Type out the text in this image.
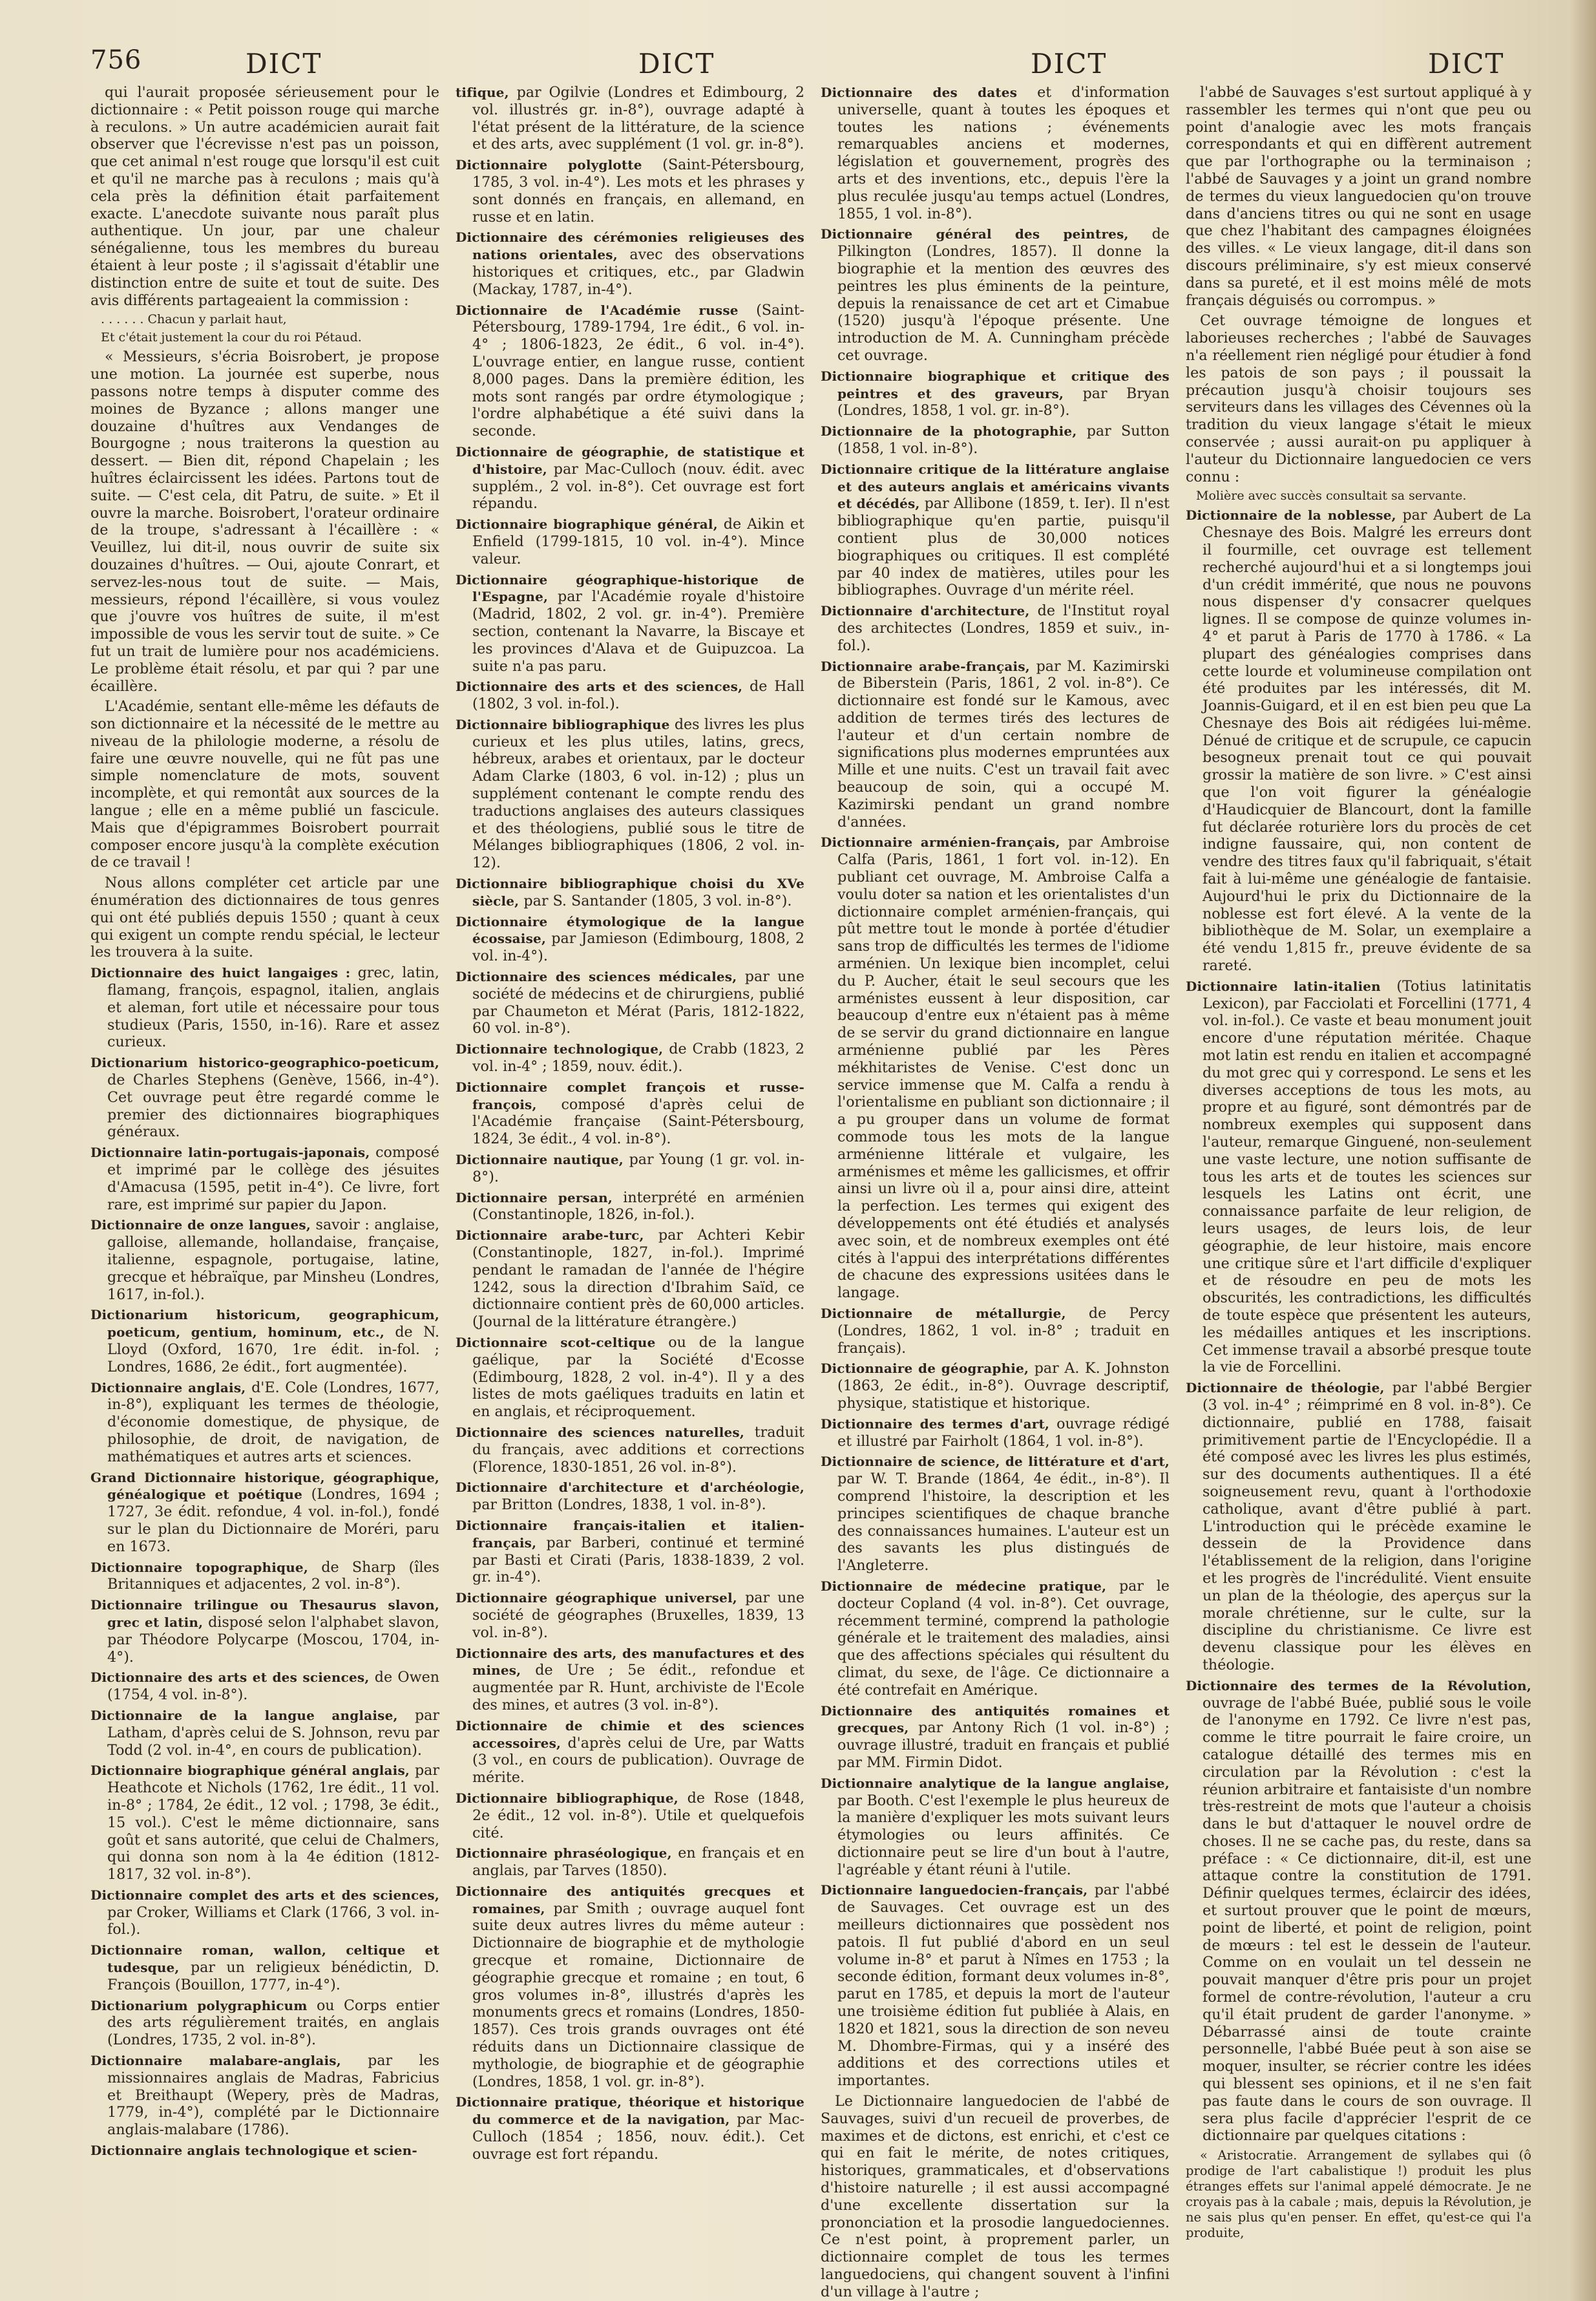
756	DICT	DICT	DICT	DICT

qui l'aurait proposée sérieusement pour le dictionnaire : « Petit poisson rouge qui marche à reculons. » Un autre académicien aurait fait observer que l'écrevisse n'est pas un poisson, que cet animal n'est rouge que lorsqu'il est cuit et qu'il ne marche pas à reculons ; mais qu'à cela près la définition était parfaitement exacte. L'anecdote suivante nous paraît plus authentique. Un jour, par une chaleur sénégalienne, tous les membres du bureau étaient à leur poste ; il s'agissait d'établir une distinction entre de suite et tout de suite. Des avis différents partageaient la commission :

. . . . . . Chacun y parlait haut,

Et c'était justement la cour du roi Pétaud.

« Messieurs, s'écria Boisrobert, je propose une motion. La journée est superbe, nous passons notre temps à disputer comme des moines de Byzance ; allons manger une douzaine d'huîtres aux Vendanges de Bourgogne ; nous traiterons la question au dessert. — Bien dit, répond Chapelain ; les huîtres éclaircissent les idées. Partons tout de suite. — C'est cela, dit Patru, de suite. » Et il ouvre la marche. Boisrobert, l'orateur ordinaire de la troupe, s'adressant à l'écaillère : « Veuillez, lui dit-il, nous ouvrir de suite six douzaines d'huîtres. — Oui, ajoute Conrart, et servez-les-nous tout de suite. — Mais, messieurs, répond l'écaillère, si vous voulez que j'ouvre vos huîtres de suite, il m'est impossible de vous les servir tout de suite. » Ce fut un trait de lumière pour nos académiciens. Le problème était résolu, et par qui ? par une écaillère.

L'Académie, sentant elle-même les défauts de son dictionnaire et la nécessité de le mettre au niveau de la philologie moderne, a résolu de faire une œuvre nouvelle, qui ne fût pas une simple nomenclature de mots, souvent incomplète, et qui remontât aux sources de la langue ; elle en a même publié un fascicule. Mais que d'épigrammes Boisrobert pourrait composer encore jusqu'à la complète exécution de ce travail !

Nous allons compléter cet article par une énumération des dictionnaires de tous genres qui ont été publiés depuis 1550 ; quant à ceux qui exigent un compte rendu spécial, le lecteur les trouvera à la suite.

Dictionnaire des huict langaiges : grec, latin, flamang, françois, espagnol, italien, anglais et aleman, fort utile et nécessaire pour tous studieux (Paris, 1550, in-16). Rare et assez curieux.

Dictionarium historico-geographico-poeticum, de Charles Stephens (Genève, 1566, in-4°). Cet ouvrage peut être regardé comme le premier des dictionnaires biographiques généraux.

Dictionnaire latin-portugais-japonais, composé et imprimé par le collège des jésuites d'Amacusa (1595, petit in-4°). Ce livre, fort rare, est imprimé sur papier du Japon.

Dictionnaire de onze langues, savoir : anglaise, galloise, allemande, hollandaise, française, italienne, espagnole, portugaise, latine, grecque et hébraïque, par Minsheu (Londres, 1617, in-fol.).

Dictionarium historicum, geographicum, poeticum, gentium, hominum, etc., de N. Lloyd (Oxford, 1670, 1re édit. in-fol. ; Londres, 1686, 2e édit., fort augmentée).

Dictionnaire anglais, d'E. Cole (Londres, 1677, in-8°), expliquant les termes de théologie, d'économie domestique, de physique, de philosophie, de droit, de navigation, de mathématiques et autres arts et sciences.

Grand Dictionnaire historique, géographique, généalogique et poétique (Londres, 1694 ; 1727, 3e édit. refondue, 4 vol. in-fol.), fondé sur le plan du Dictionnaire de Moréri, paru en 1673.

Dictionnaire topographique, de Sharp (îles Britanniques et adjacentes, 2 vol. in-8°).

Dictionnaire trilingue ou Thesaurus slavon, grec et latin, disposé selon l'alphabet slavon, par Théodore Polycarpe (Moscou, 1704, in-4°).

Dictionnaire des arts et des sciences, de Owen (1754, 4 vol. in-8°).

Dictionnaire de la langue anglaise, par Latham, d'après celui de S. Johnson, revu par Todd (2 vol. in-4°, en cours de publication).

Dictionnaire biographique général anglais, par Heathcote et Nichols (1762, 1re édit., 11 vol. in-8° ; 1784, 2e édit., 12 vol. ; 1798, 3e édit., 15 vol.). C'est le même dictionnaire, sans goût et sans autorité, que celui de Chalmers, qui donna son nom à la 4e édition (1812-1817, 32 vol. in-8°).

Dictionnaire complet des arts et des sciences, par Croker, Williams et Clark (1766, 3 vol. in-fol.).

Dictionnaire roman, wallon, celtique et tudesque, par un religieux bénédictin, D. François (Bouillon, 1777, in-4°).

Dictionarium polygraphicum ou Corps entier des arts régulièrement traités, en anglais (Londres, 1735, 2 vol. in-8°).

Dictionnaire malabare-anglais, par les missionnaires anglais de Madras, Fabricius et Breithaupt (Wepery, près de Madras, 1779, in-4°), complété par le Dictionnaire anglais-malabare (1786).

Dictionnaire anglais technologique et scien-

tifique, par Ogilvie (Londres et Edimbourg, 2 vol. illustrés gr. in-8°), ouvrage adapté à l'état présent de la littérature, de la science et des arts, avec supplément (1 vol. gr. in-8°).

Dictionnaire polyglotte (Saint-Pétersbourg, 1785, 3 vol. in-4°). Les mots et les phrases y sont donnés en français, en allemand, en russe et en latin.

Dictionnaire des cérémonies religieuses des nations orientales, avec des observations historiques et critiques, etc., par Gladwin (Mackay, 1787, in-4°).

Dictionnaire de l'Académie russe (Saint-Pétersbourg, 1789-1794, 1re édit., 6 vol. in-4° ; 1806-1823, 2e édit., 6 vol. in-4°). L'ouvrage entier, en langue russe, contient 8,000 pages. Dans la première édition, les mots sont rangés par ordre étymologique ; l'ordre alphabétique a été suivi dans la seconde.

Dictionnaire de géographie, de statistique et d'histoire, par Mac-Culloch (nouv. édit. avec supplém., 2 vol. in-8°). Cet ouvrage est fort répandu.

Dictionnaire biographique général, de Aikin et Enfield (1799-1815, 10 vol. in-4°). Mince valeur.

Dictionnaire géographique-historique de l'Espagne, par l'Académie royale d'histoire (Madrid, 1802, 2 vol. gr. in-4°). Première section, contenant la Navarre, la Biscaye et les provinces d'Alava et de Guipuzcoa. La suite n'a pas paru.

Dictionnaire des arts et des sciences, de Hall (1802, 3 vol. in-fol.).

Dictionnaire bibliographique des livres les plus curieux et les plus utiles, latins, grecs, hébreux, arabes et orientaux, par le docteur Adam Clarke (1803, 6 vol. in-12) ; plus un supplément contenant le compte rendu des traductions anglaises des auteurs classiques et des théologiens, publié sous le titre de Mélanges bibliographiques (1806, 2 vol. in-12).

Dictionnaire bibliographique choisi du XVe siècle, par S. Santander (1805, 3 vol. in-8°).

Dictionnaire étymologique de la langue écossaise, par Jamieson (Edimbourg, 1808, 2 vol. in-4°).

Dictionnaire des sciences médicales, par une société de médecins et de chirurgiens, publié par Chaumeton et Mérat (Paris, 1812-1822, 60 vol. in-8°).

Dictionnaire technologique, de Crabb (1823, 2 vol. in-4° ; 1859, nouv. édit.).

Dictionnaire complet françois et russe-françois, composé d'après celui de l'Académie française (Saint-Pétersbourg, 1824, 3e édit., 4 vol. in-8°).

Dictionnaire nautique, par Young (1 gr. vol. in-8°).

Dictionnaire persan, interprété en arménien (Constantinople, 1826, in-fol.).

Dictionnaire arabe-turc, par Achteri Kebir (Constantinople, 1827, in-fol.). Imprimé pendant le ramadan de l'année de l'hégire 1242, sous la direction d'Ibrahim Saïd, ce dictionnaire contient près de 60,000 articles. (Journal de la littérature étrangère.)

Dictionnaire scot-celtique ou de la langue gaélique, par la Société d'Ecosse (Edimbourg, 1828, 2 vol. in-4°). Il y a des listes de mots gaéliques traduits en latin et en anglais, et réciproquement.

Dictionnaire des sciences naturelles, traduit du français, avec additions et corrections (Florence, 1830-1851, 26 vol. in-8°).

Dictionnaire d'architecture et d'archéologie, par Britton (Londres, 1838, 1 vol. in-8°).

Dictionnaire français-italien et italien-français, par Barberi, continué et terminé par Basti et Cirati (Paris, 1838-1839, 2 vol. gr. in-4°).

Dictionnaire géographique universel, par une société de géographes (Bruxelles, 1839, 13 vol. in-8°).

Dictionnaire des arts, des manufactures et des mines, de Ure ; 5e édit., refondue et augmentée par R. Hunt, archiviste de l'Ecole des mines, et autres (3 vol. in-8°).

Dictionnaire de chimie et des sciences accessoires, d'après celui de Ure, par Watts (3 vol., en cours de publication). Ouvrage de mérite.

Dictionnaire bibliographique, de Rose (1848, 2e édit., 12 vol. in-8°). Utile et quelquefois cité.

Dictionnaire phraséologique, en français et en anglais, par Tarves (1850).

Dictionnaire des antiquités grecques et romaines, par Smith ; ouvrage auquel font suite deux autres livres du même auteur : Dictionnaire de biographie et de mythologie grecque et romaine, Dictionnaire de géographie grecque et romaine ; en tout, 6 gros volumes in-8°, illustrés d'après les monuments grecs et romains (Londres, 1850-1857). Ces trois grands ouvrages ont été réduits dans un Dictionnaire classique de mythologie, de biographie et de géographie (Londres, 1858, 1 vol. gr. in-8°).

Dictionnaire pratique, théorique et historique du commerce et de la navigation, par Mac-Culloch (1854 ; 1856, nouv. édit.). Cet ouvrage est fort répandu.

Dictionnaire des dates et d'information universelle, quant à toutes les époques et toutes les nations ; événements remarquables anciens et modernes, législation et gouvernement, progrès des arts et des inventions, etc., depuis l'ère la plus reculée jusqu'au temps actuel (Londres, 1855, 1 vol. in-8°).

Dictionnaire général des peintres, de Pilkington (Londres, 1857). Il donne la biographie et la mention des œuvres des peintres les plus éminents de la peinture, depuis la renaissance de cet art et Cimabue (1520) jusqu'à l'époque présente. Une introduction de M. A. Cunningham précède cet ouvrage.

Dictionnaire biographique et critique des peintres et des graveurs, par Bryan (Londres, 1858, 1 vol. gr. in-8°).

Dictionnaire de la photographie, par Sutton (1858, 1 vol. in-8°).

Dictionnaire critique de la littérature anglaise et des auteurs anglais et américains vivants et décédés, par Allibone (1859, t. Ier). Il n'est bibliographique qu'en partie, puisqu'il contient plus de 30,000 notices biographiques ou critiques. Il est complété par 40 index de matières, utiles pour les bibliographes. Ouvrage d'un mérite réel.

Dictionnaire d'architecture, de l'Institut royal des architectes (Londres, 1859 et suiv., in-fol.).

Dictionnaire arabe-français, par M. Kazimirski de Biberstein (Paris, 1861, 2 vol. in-8°). Ce dictionnaire est fondé sur le Kamous, avec addition de termes tirés des lectures de l'auteur et d'un certain nombre de significations plus modernes empruntées aux Mille et une nuits. C'est un travail fait avec beaucoup de soin, qui a occupé M. Kazimirski pendant un grand nombre d'années.

Dictionnaire arménien-français, par Ambroise Calfa (Paris, 1861, 1 fort vol. in-12). En publiant cet ouvrage, M. Ambroise Calfa a voulu doter sa nation et les orientalistes d'un dictionnaire complet arménien-français, qui pût mettre tout le monde à portée d'étudier sans trop de difficultés les termes de l'idiome arménien. Un lexique bien incomplet, celui du P. Aucher, était le seul secours que les arménistes eussent à leur disposition, car beaucoup d'entre eux n'étaient pas à même de se servir du grand dictionnaire en langue arménienne publié par les Pères mékhitaristes de Venise. C'est donc un service immense que M. Calfa a rendu à l'orientalisme en publiant son dictionnaire ; il a pu grouper dans un volume de format commode tous les mots de la langue arménienne littérale et vulgaire, les arménismes et même les gallicismes, et offrir ainsi un livre où il a, pour ainsi dire, atteint la perfection. Les termes qui exigent des développements ont été étudiés et analysés avec soin, et de nombreux exemples ont été cités à l'appui des interprétations différentes de chacune des expressions usitées dans le langage.

Dictionnaire de métallurgie, de Percy (Londres, 1862, 1 vol. in-8° ; traduit en français).

Dictionnaire de géographie, par A. K. Johnston (1863, 2e édit., in-8°). Ouvrage descriptif, physique, statistique et historique.

Dictionnaire des termes d'art, ouvrage rédigé et illustré par Fairholt (1864, 1 vol. in-8°).

Dictionnaire de science, de littérature et d'art, par W. T. Brande (1864, 4e édit., in-8°). Il comprend l'histoire, la description et les principes scientifiques de chaque branche des connaissances humaines. L'auteur est un des savants les plus distingués de l'Angleterre.

Dictionnaire de médecine pratique, par le docteur Copland (4 vol. in-8°). Cet ouvrage, récemment terminé, comprend la pathologie générale et le traitement des maladies, ainsi que des affections spéciales qui résultent du climat, du sexe, de l'âge. Ce dictionnaire a été contrefait en Amérique.

Dictionnaire des antiquités romaines et grecques, par Antony Rich (1 vol. in-8°) ; ouvrage illustré, traduit en français et publié par MM. Firmin Didot.

Dictionnaire analytique de la langue anglaise, par Booth. C'est l'exemple le plus heureux de la manière d'expliquer les mots suivant leurs étymologies ou leurs affinités. Ce dictionnaire peut se lire d'un bout à l'autre, l'agréable y étant réuni à l'utile.

Dictionnaire languedocien-français, par l'abbé de Sauvages. Cet ouvrage est un des meilleurs dictionnaires que possèdent nos patois. Il fut publié d'abord en un seul volume in-8° et parut à Nîmes en 1753 ; la seconde édition, formant deux volumes in-8°, parut en 1785, et depuis la mort de l'auteur une troisième édition fut publiée à Alais, en 1820 et 1821, sous la direction de son neveu M. Dhombre-Firmas, qui y a inséré des additions et des corrections utiles et importantes.

Le Dictionnaire languedocien de l'abbé de Sauvages, suivi d'un recueil de proverbes, de maximes et de dictons, est enrichi, et c'est ce qui en fait le mérite, de notes critiques, historiques, grammaticales, et d'observations d'histoire naturelle ; il est aussi accompagné d'une excellente dissertation sur la prononciation et la prosodie languedociennes. Ce n'est point, à proprement parler, un dictionnaire complet de tous les termes languedociens, qui changent souvent à l'infini d'un village à l'autre ;

l'abbé de Sauvages s'est surtout appliqué à y rassembler les termes qui n'ont que peu ou point d'analogie avec les mots français correspondants et qui en diffèrent autrement que par l'orthographe ou la terminaison ; l'abbé de Sauvages y a joint un grand nombre de termes du vieux languedocien qu'on trouve dans d'anciens titres ou qui ne sont en usage que chez l'habitant des campagnes éloignées des villes. « Le vieux langage, dit-il dans son discours préliminaire, s'y est mieux conservé dans sa pureté, et il est moins mêlé de mots français déguisés ou corrompus. »

Cet ouvrage témoigne de longues et laborieuses recherches ; l'abbé de Sauvages n'a réellement rien négligé pour étudier à fond les patois de son pays ; il poussait la précaution jusqu'à choisir toujours ses serviteurs dans les villages des Cévennes où la tradition du vieux langage s'était le mieux conservée ; aussi aurait-on pu appliquer à l'auteur du Dictionnaire languedocien ce vers connu :

Molière avec succès consultait sa servante.

Dictionnaire de la noblesse, par Aubert de La Chesnaye des Bois. Malgré les erreurs dont il fourmille, cet ouvrage est tellement recherché aujourd'hui et a si longtemps joui d'un crédit immérité, que nous ne pouvons nous dispenser d'y consacrer quelques lignes. Il se compose de quinze volumes in-4° et parut à Paris de 1770 à 1786. « La plupart des généalogies comprises dans cette lourde et volumineuse compilation ont été produites par les intéressés, dit M. Joannis-Guigard, et il en est bien peu que La Chesnaye des Bois ait rédigées lui-même. Dénué de critique et de scrupule, ce capucin besogneux prenait tout ce qui pouvait grossir la matière de son livre. » C'est ainsi que l'on voit figurer la généalogie d'Haudicquier de Blancourt, dont la famille fut déclarée roturière lors du procès de cet indigne faussaire, qui, non content de vendre des titres faux qu'il fabriquait, s'était fait à lui-même une généalogie de fantaisie. Aujourd'hui le prix du Dictionnaire de la noblesse est fort élevé. A la vente de la bibliothèque de M. Solar, un exemplaire a été vendu 1,815 fr., preuve évidente de sa rareté.

Dictionnaire latin-italien (Totius latinitatis Lexicon), par Facciolati et Forcellini (1771, 4 vol. in-fol.). Ce vaste et beau monument jouit encore d'une réputation méritée. Chaque mot latin est rendu en italien et accompagné du mot grec qui y correspond. Le sens et les diverses acceptions de tous les mots, au propre et au figuré, sont démontrés par de nombreux exemples qui supposent dans l'auteur, remarque Ginguené, non-seulement une vaste lecture, une notion suffisante de tous les arts et de toutes les sciences sur lesquels les Latins ont écrit, une connaissance parfaite de leur religion, de leurs usages, de leurs lois, de leur géographie, de leur histoire, mais encore une critique sûre et l'art difficile d'expliquer et de résoudre en peu de mots les obscurités, les contradictions, les difficultés de toute espèce que présentent les auteurs, les médailles antiques et les inscriptions. Cet immense travail a absorbé presque toute la vie de Forcellini.

Dictionnaire de théologie, par l'abbé Bergier (3 vol. in-4° ; réimprimé en 8 vol. in-8°). Ce dictionnaire, publié en 1788, faisait primitivement partie de l'Encyclopédie. Il a été composé avec les livres les plus estimés, sur des documents authentiques. Il a été soigneusement revu, quant à l'orthodoxie catholique, avant d'être publié à part. L'introduction qui le précède examine le dessein de la Providence dans l'établissement de la religion, dans l'origine et les progrès de l'incrédulité. Vient ensuite un plan de la théologie, des aperçus sur la morale chrétienne, sur le culte, sur la discipline du christianisme. Ce livre est devenu classique pour les élèves en théologie.

Dictionnaire des termes de la Révolution, ouvrage de l'abbé Buée, publié sous le voile de l'anonyme en 1792. Ce livre n'est pas, comme le titre pourrait le faire croire, un catalogue détaillé des termes mis en circulation par la Révolution : c'est la réunion arbitraire et fantaisiste d'un nombre très-restreint de mots que l'auteur a choisis dans le but d'attaquer le nouvel ordre de choses. Il ne se cache pas, du reste, dans sa préface : « Ce dictionnaire, dit-il, est une attaque contre la constitution de 1791. Définir quelques termes, éclaircir des idées, et surtout prouver que le point de mœurs, point de liberté, et point de religion, point de mœurs : tel est le dessein de l'auteur. Comme on en voulait un tel dessein ne pouvait manquer d'être pris pour un projet formel de contre-révolution, l'auteur a cru qu'il était prudent de garder l'anonyme. » Débarrassé ainsi de toute crainte personnelle, l'abbé Buée peut à son aise se moquer, insulter, se récrier contre les idées qui blessent ses opinions, et il ne s'en fait pas faute dans le cours de son ouvrage. Il sera plus facile d'apprécier l'esprit de ce dictionnaire par quelques citations :

« Aristocratie. Arrangement de syllabes qui (ô prodige de l'art cabalistique !) produit les plus étranges effets sur l'animal appelé démocrate. Je ne croyais pas à la cabale ; mais, depuis la Révolution, je ne sais plus qu'en penser. En effet, qu'est-ce qui l'a produite,
